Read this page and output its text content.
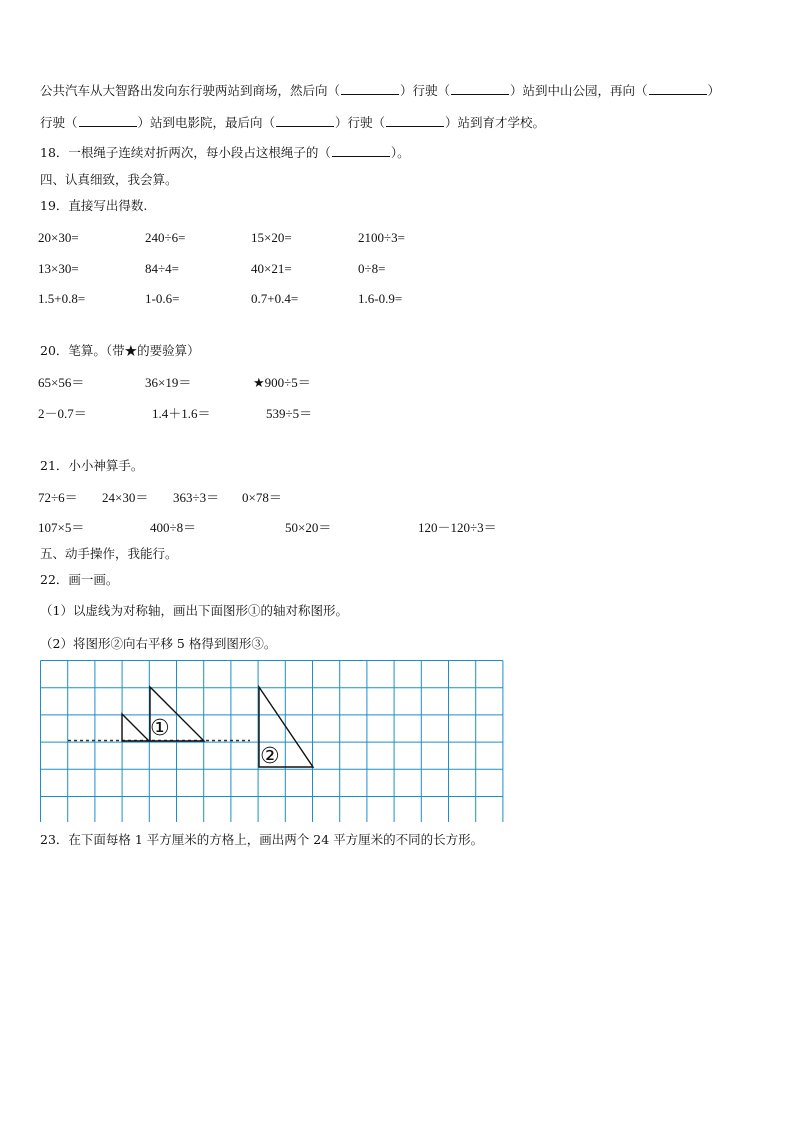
公共汽车从大智路出发向东行驶两站到商场，然后向（	）行驶（	）站到中山公园，再向（	）
行驶（	）站到电影院，最后向（	）行驶（	）站到育才学校。
18．一根绳子连续对折两次，每小段占这根绳子的（	）。
四、认真细致，我会算。
19．直接写出得数.
20×30=	240÷6=	15×20=	2100÷3=
13×30=	84÷4=	40×21=	0÷8=
1.5+0.8=	1-0.6=	0.7+0.4=	1.6-0.9=
20．笔算。（带★的要验算）
65×56＝	36×19＝	★900÷5＝
2－0.7＝	1.4＋1.6＝	539÷5＝
21．小小神算手。
72÷6＝ 24×30＝ 363÷3＝ 0×78＝
107×5＝	400÷8＝	50×20＝	120－120÷3＝
五、动手操作，我能行。
22．画一画。
（1）以虚线为对称轴，画出下面图形①的轴对称图形。
（2）将图形②向右平移 5 格得到图形③。
①
②
23．在下面每格 1 平方厘米的方格上，画出两个 24 平方厘米的不同的长方形。
